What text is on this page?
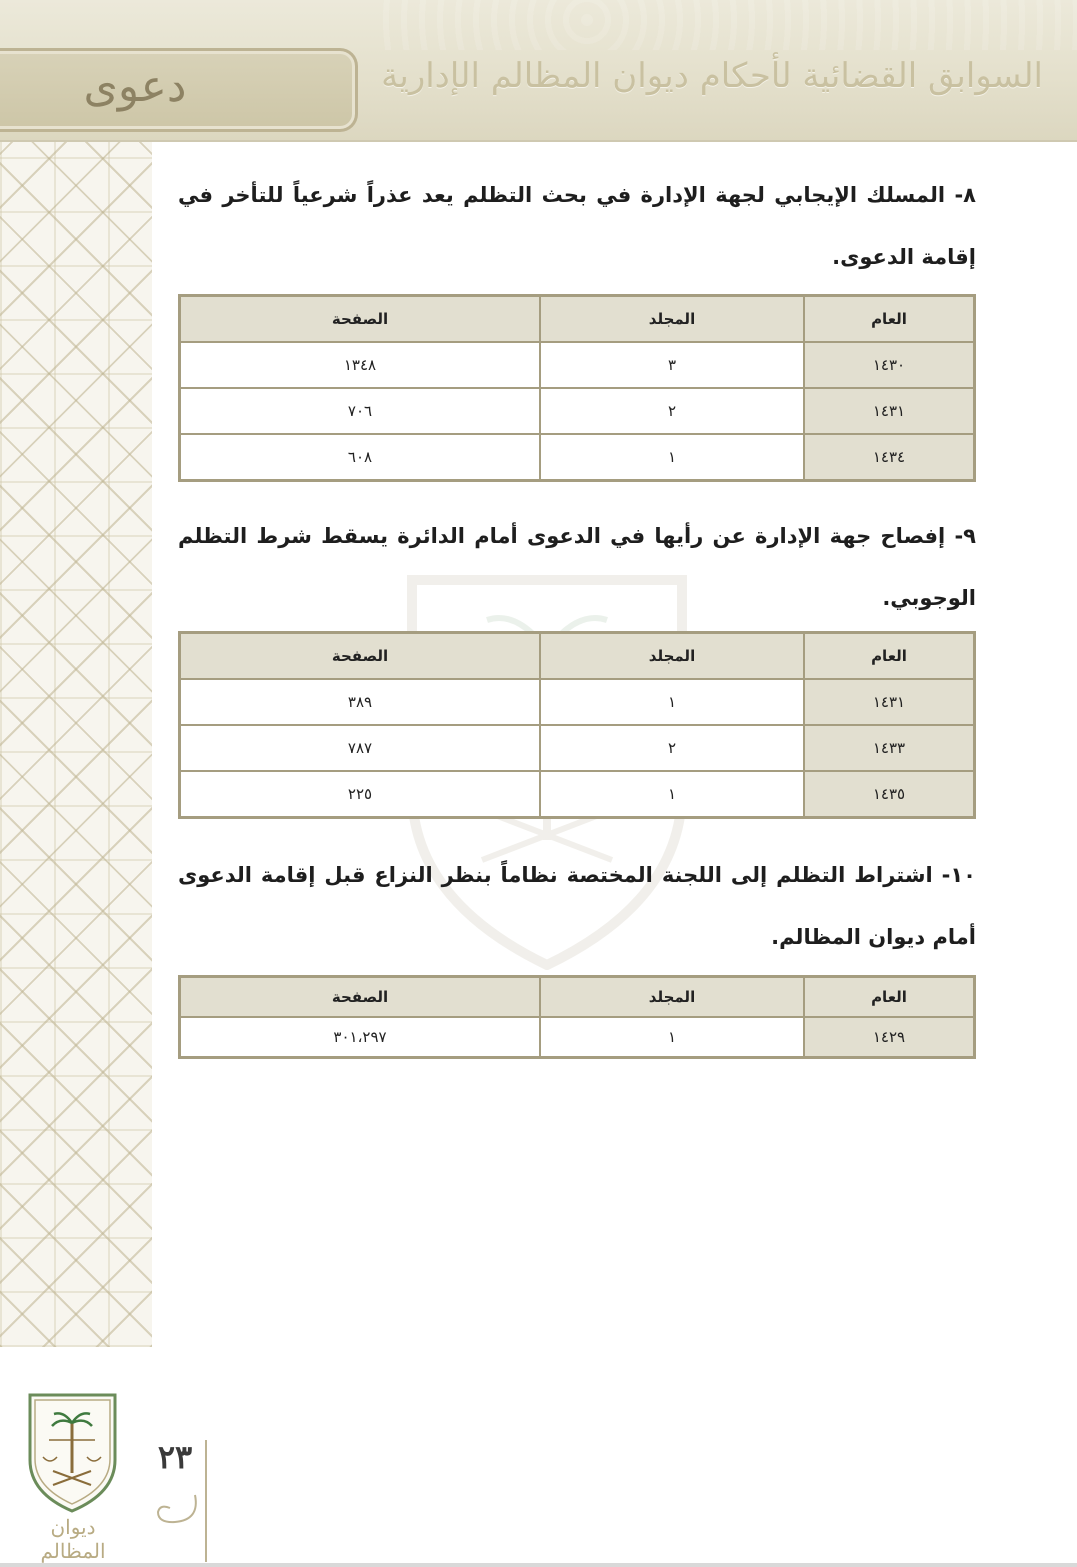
السوابق القضائية لأحكام ديوان المظالم الإدارية
دعوى
٨- المسلك الإيجابي لجهة الإدارة في بحث التظلم يعد عذراً شرعياً للتأخر في إقامة الدعوى.
العام	المجلد	الصفحة
١٤٣٠	٣	١٣٤٨
١٤٣١	٢	٧٠٦
١٤٣٤	١	٦٠٨
٩- إفصاح جهة الإدارة عن رأيها في الدعوى أمام الدائرة يسقط شرط التظلم الوجوبي.
العام	المجلد	الصفحة
١٤٣١	١	٣٨٩
١٤٣٣	٢	٧٨٧
١٤٣٥	١	٢٢٥
١٠- اشتراط التظلم إلى اللجنة المختصة نظاماً بنظر النزاع قبل إقامة الدعوى أمام ديوان المظالم.
العام	المجلد	الصفحة
١٤٢٩	١	٣٠١،٢٩٧
ديوان المظالم
٢٣
